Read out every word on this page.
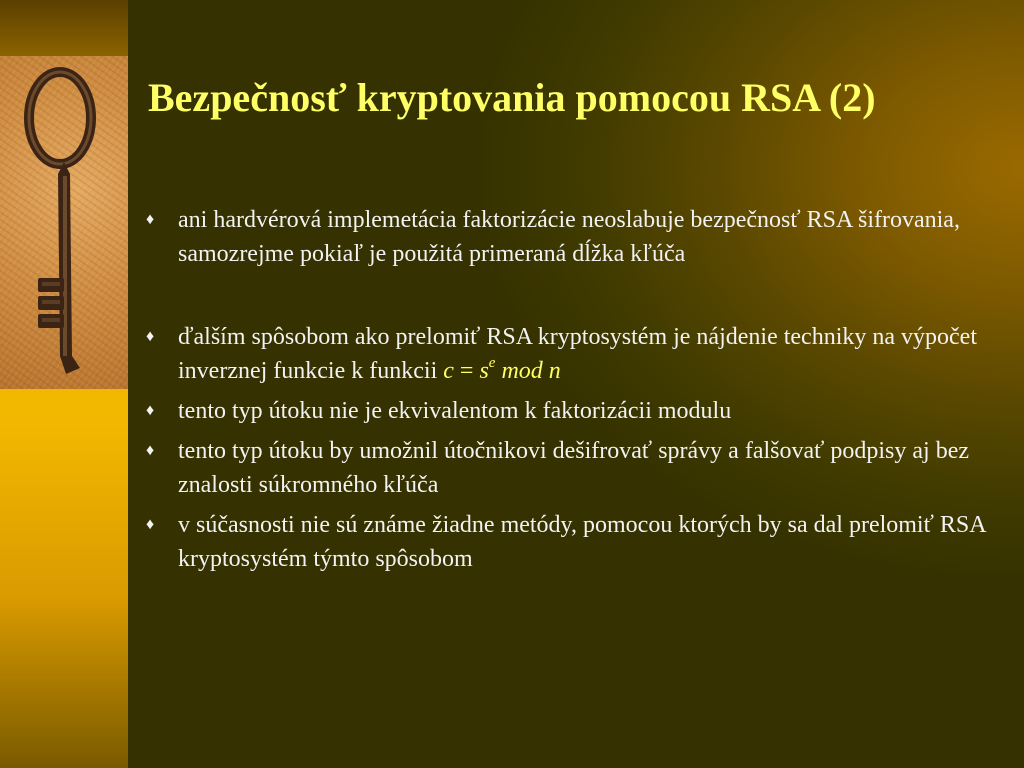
Bezpečnosť kryptovania pomocou RSA (2)
♦ ani hardvérová implemetácia faktorizácie neoslabuje bezpečnosť RSA šifrovania, samozrejme pokiaľ je použitá primeraná dĺžka kľúča
♦ ďalším spôsobom ako prelomiť RSA kryptosystém je nájdenie techniky na výpočet inverznej funkcie k funkcii $c = s^e$ mod n
♦ tento typ útoku nie je ekvivalentom k faktorizácii modulu
♦ tento typ útoku by umožnil útočnikovi dešifrovať správy a falšovať podpisy aj bez znalosti súkromného kľúča
♦ v súčasnosti nie sú známe žiadne metódy, pomocou ktorých by sa dal prelomiť RSA kryptosystém týmto spôsobom
